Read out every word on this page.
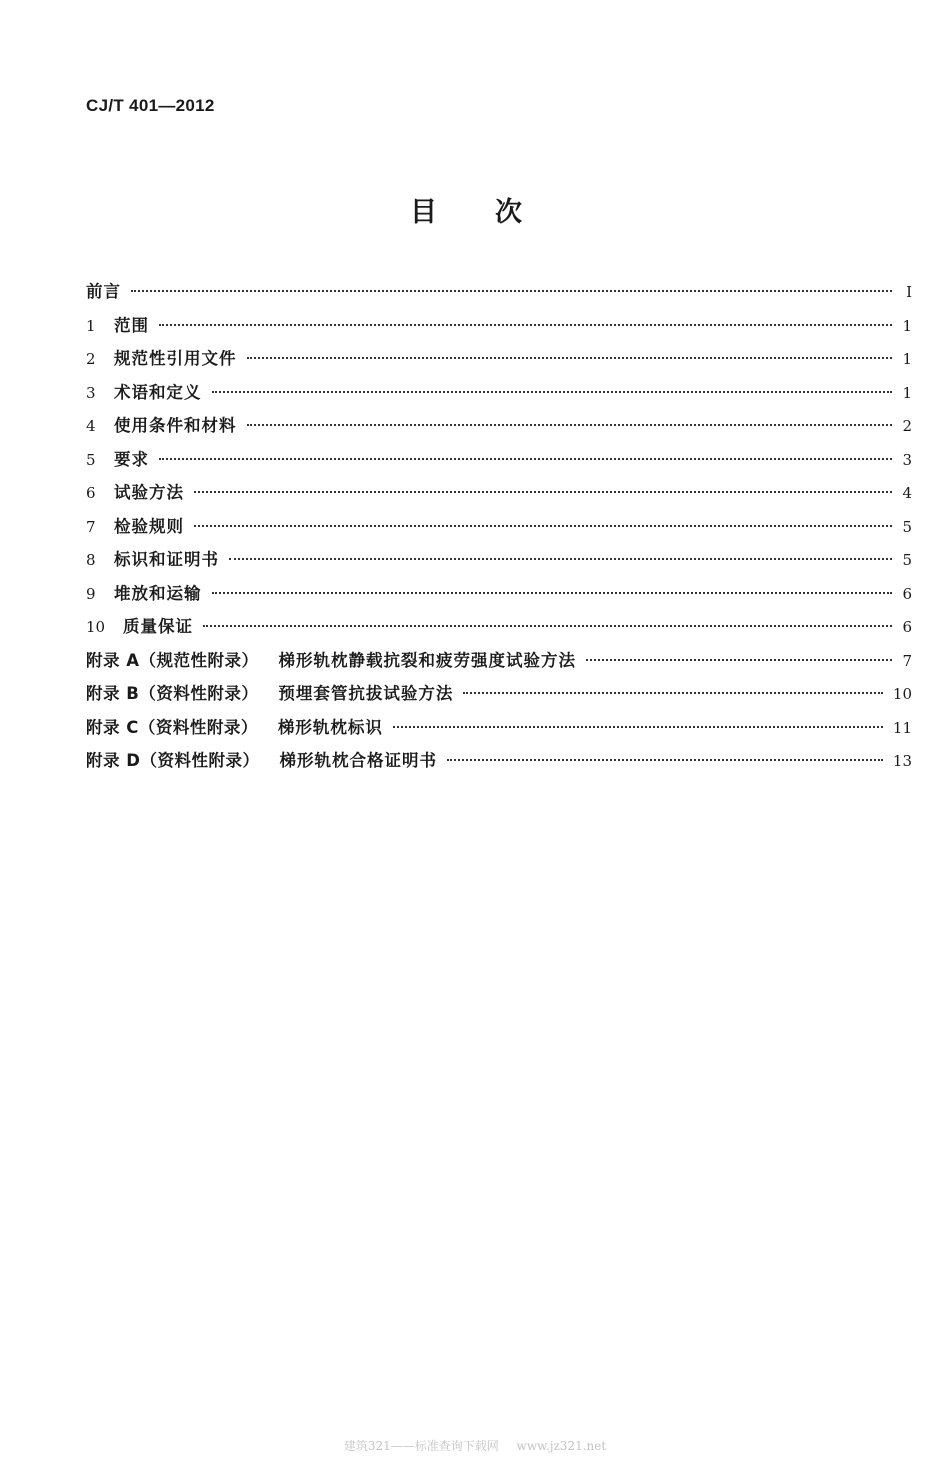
CJ/T 401—2012
目次
前言	Ⅰ
1	范围	1
2	规范性引用文件	1
3	术语和定义	1
4	使用条件和材料	2
5	要求	3
6	试验方法	4
7	检验规则	5
8	标识和证明书	5
9	堆放和运输	6
10	质量保证	6
附录 A（规范性附录） 梯形轨枕静载抗裂和疲劳强度试验方法	7
附录 B（资料性附录） 预埋套管抗拔试验方法	10
附录 C（资料性附录） 梯形轨枕标识	11
附录 D（资料性附录） 梯形轨枕合格证明书	13
建筑321——标准查询下载网 www.jz321.net
